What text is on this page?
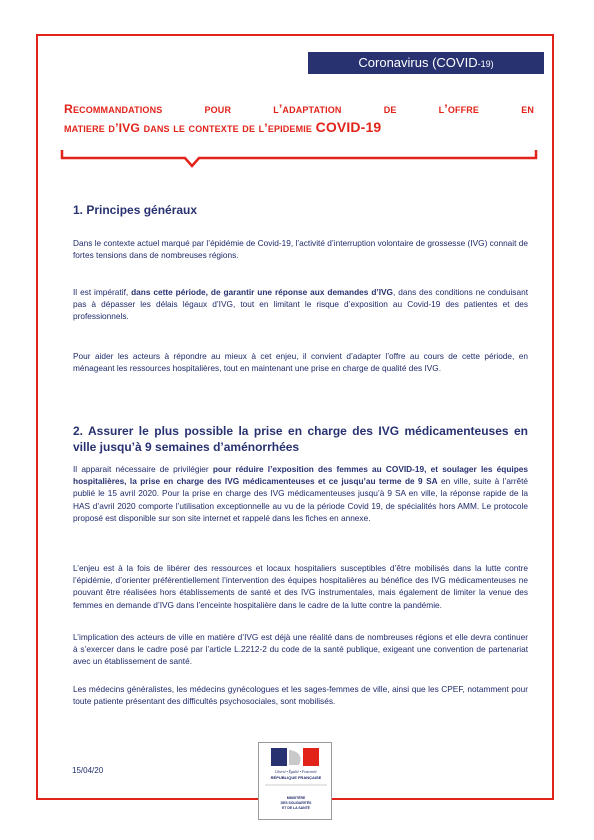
Coronavirus (COVID-19)
Recommandations pour l’adaptation de l’offre en
matiere d’IVG dans le contexte de l’epidemie COVID-19
1. Principes généraux

Dans le contexte actuel marqué par l’épidémie de Covid-19, l’activité d’interruption volontaire de grossesse (IVG) connait de fortes tensions dans de nombreuses régions.

Il est impératif, dans cette période, de garantir une réponse aux demandes d’IVG, dans des conditions ne conduisant pas à dépasser les délais légaux d’IVG, tout en limitant le risque d’exposition au Covid-19 des patientes et des professionnels.

Pour aider les acteurs à répondre au mieux à cet enjeu, il convient d’adapter l’offre au cours de cette période, en ménageant les ressources hospitalières, tout en maintenant une prise en charge de qualité des IVG.

2. Assurer le plus possible la prise en charge des IVG médicamenteuses en ville jusqu’à 9 semaines d’aménorrhées

Il apparait nécessaire de privilégier pour réduire l’exposition des femmes au COVID-19, et soulager les équipes hospitalières, la prise en charge des IVG médicamenteuses et ce jusqu’au terme de 9 SA en ville, suite à l’arrêté publié le 15 avril 2020. Pour la prise en charge des IVG médicamenteuses jusqu’à 9 SA en ville, la réponse rapide de la HAS d’avril 2020 comporte l’utilisation exceptionnelle au vu de la période Covid 19, de spécialités hors AMM. Le protocole proposé est disponible sur son site internet et rappelé dans les fiches en annexe.

L’enjeu est à la fois de libérer des ressources et locaux hospitaliers susceptibles d’être mobilisés dans la lutte contre l’épidémie, d’orienter préférentiellement l’intervention des équipes hospitalières au bénéfice des IVG médicamenteuses ne pouvant être réalisées hors établissements de santé et des IVG instrumentales, mais également de limiter la venue des femmes en demande d’IVG dans l’enceinte hospitalière dans le cadre de la lutte contre la pandémie.

L’implication des acteurs de ville en matière d’IVG est déjà une réalité dans de nombreuses régions et elle devra continuer à s’exercer dans le cadre posé par l’article L.2212-2 du code de la santé publique, exigeant une convention de partenariat avec un établissement de santé.

Les médecins généralistes, les médecins gynécologues et les sages-femmes de ville, ainsi que les CPEF, notamment pour toute patiente présentant des difficultés psychosociales, sont mobilisés.

15/04/20	Liberté • Égalité • Fraternité
RÉPUBLIQUE FRANÇAISE
MINISTÈRE
DES SOLIDARITÉS
ET DE LA SANTÉ
